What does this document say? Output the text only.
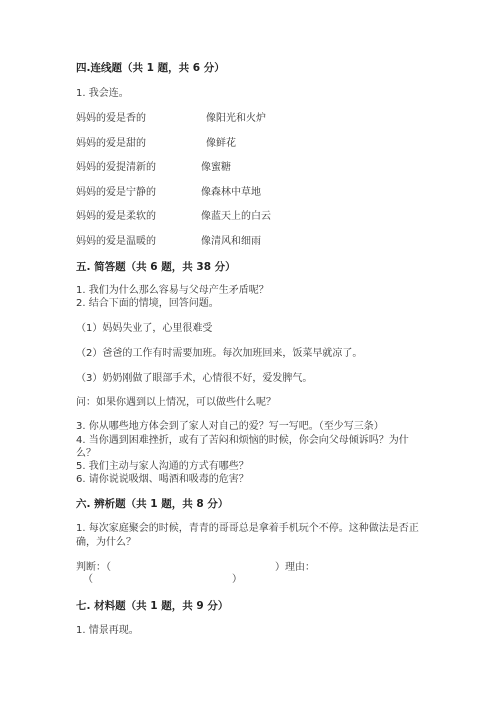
四.连线题（共 1 题，共 6 分）
1. 我会连。
妈妈的爱是香的	像阳光和火炉
妈妈的爱是甜的	像鲜花
妈妈的爱提清新的	像蜜糖
妈妈的爱是宁静的	像森林中草地
妈妈的爱是柔软的	像蓝天上的白云
妈妈的爱是温暖的	像清风和细雨
五. 简答题（共 6 题，共 38 分）
1. 我们为什么那么容易与父母产生矛盾呢？
2. 结合下面的情境，回答问题。
（1）妈妈失业了，心里很难受
（2）爸爸的工作有时需要加班。每次加班回来，饭菜早就凉了。
（3）奶奶刚做了眼部手术，心情很不好，爱发脾气。
问：如果你遇到以上情况，可以做些什么呢？
3. 你从哪些地方体会到了家人对自己的爱？写一写吧。（至少写三条）
4. 当你遇到困难挫折，或有了苦闷和烦恼的时候，你会向父母倾诉吗？为什
么？
5. 我们主动与家人沟通的方式有哪些？
6. 请你说说吸烟、喝酒和吸毒的危害？
六. 辨析题（共 1 题，共 8 分）
1. 每次家庭聚会的时候，青青的哥哥总是拿着手机玩个不停。这种做法是否正
确，为什么？
判断：（	）理由：
（	）
七. 材料题（共 1 题，共 9 分）
1. 情景再现。
